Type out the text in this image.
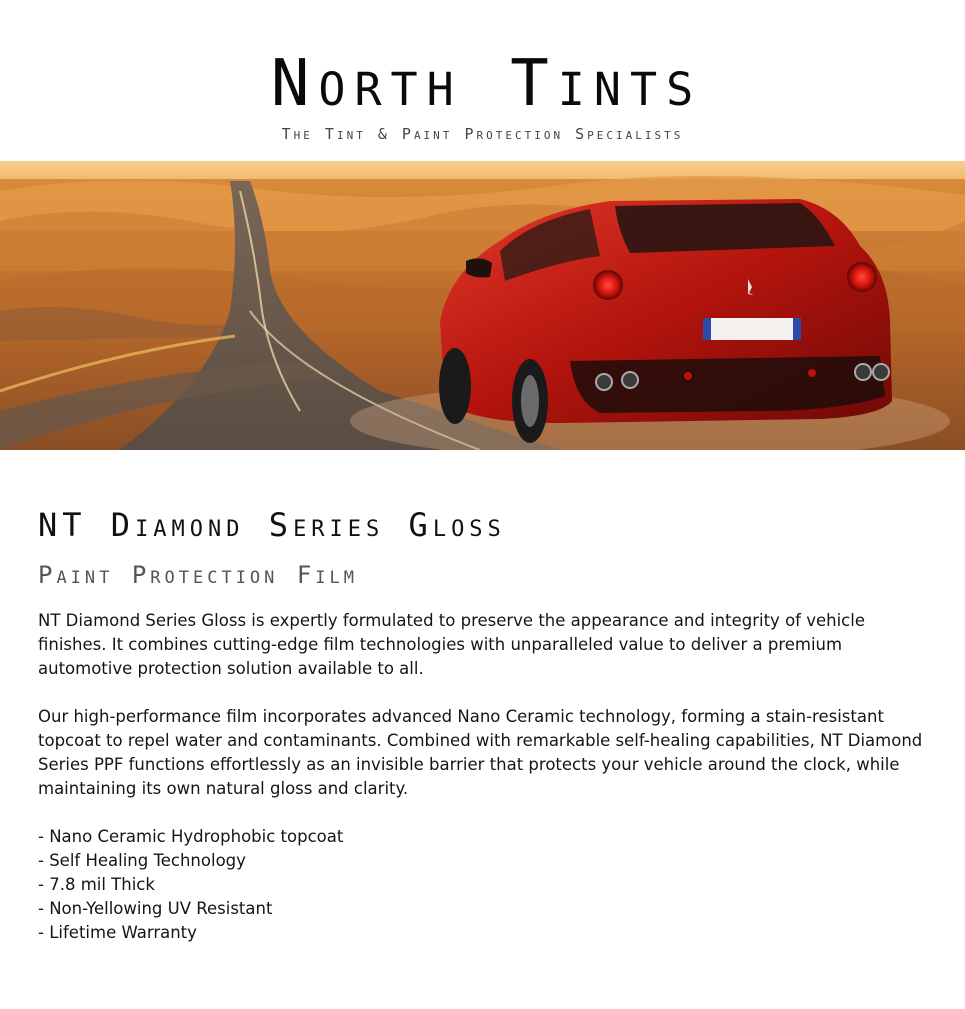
North Tints
The Tint & Paint Protection Specialists
NT Diamond Series Gloss
Paint Protection Film

NT Diamond Series Gloss is expertly formulated to preserve the appearance and integrity of vehicle finishes. It combines cutting-edge film technologies with unparalleled value to deliver a premium automotive protection solution available to all.

Our high-performance film incorporates advanced Nano Ceramic technology, forming a stain-resistant topcoat to repel water and contaminants. Combined with remarkable self-healing capabilities, NT Diamond Series PPF functions effortlessly as an invisible barrier that protects your vehicle around the clock, while maintaining its own natural gloss and clarity.

- Nano Ceramic Hydrophobic topcoat
- Self Healing Technology
- 7.8 mil Thick
- Non-Yellowing UV Resistant
- Lifetime Warranty
